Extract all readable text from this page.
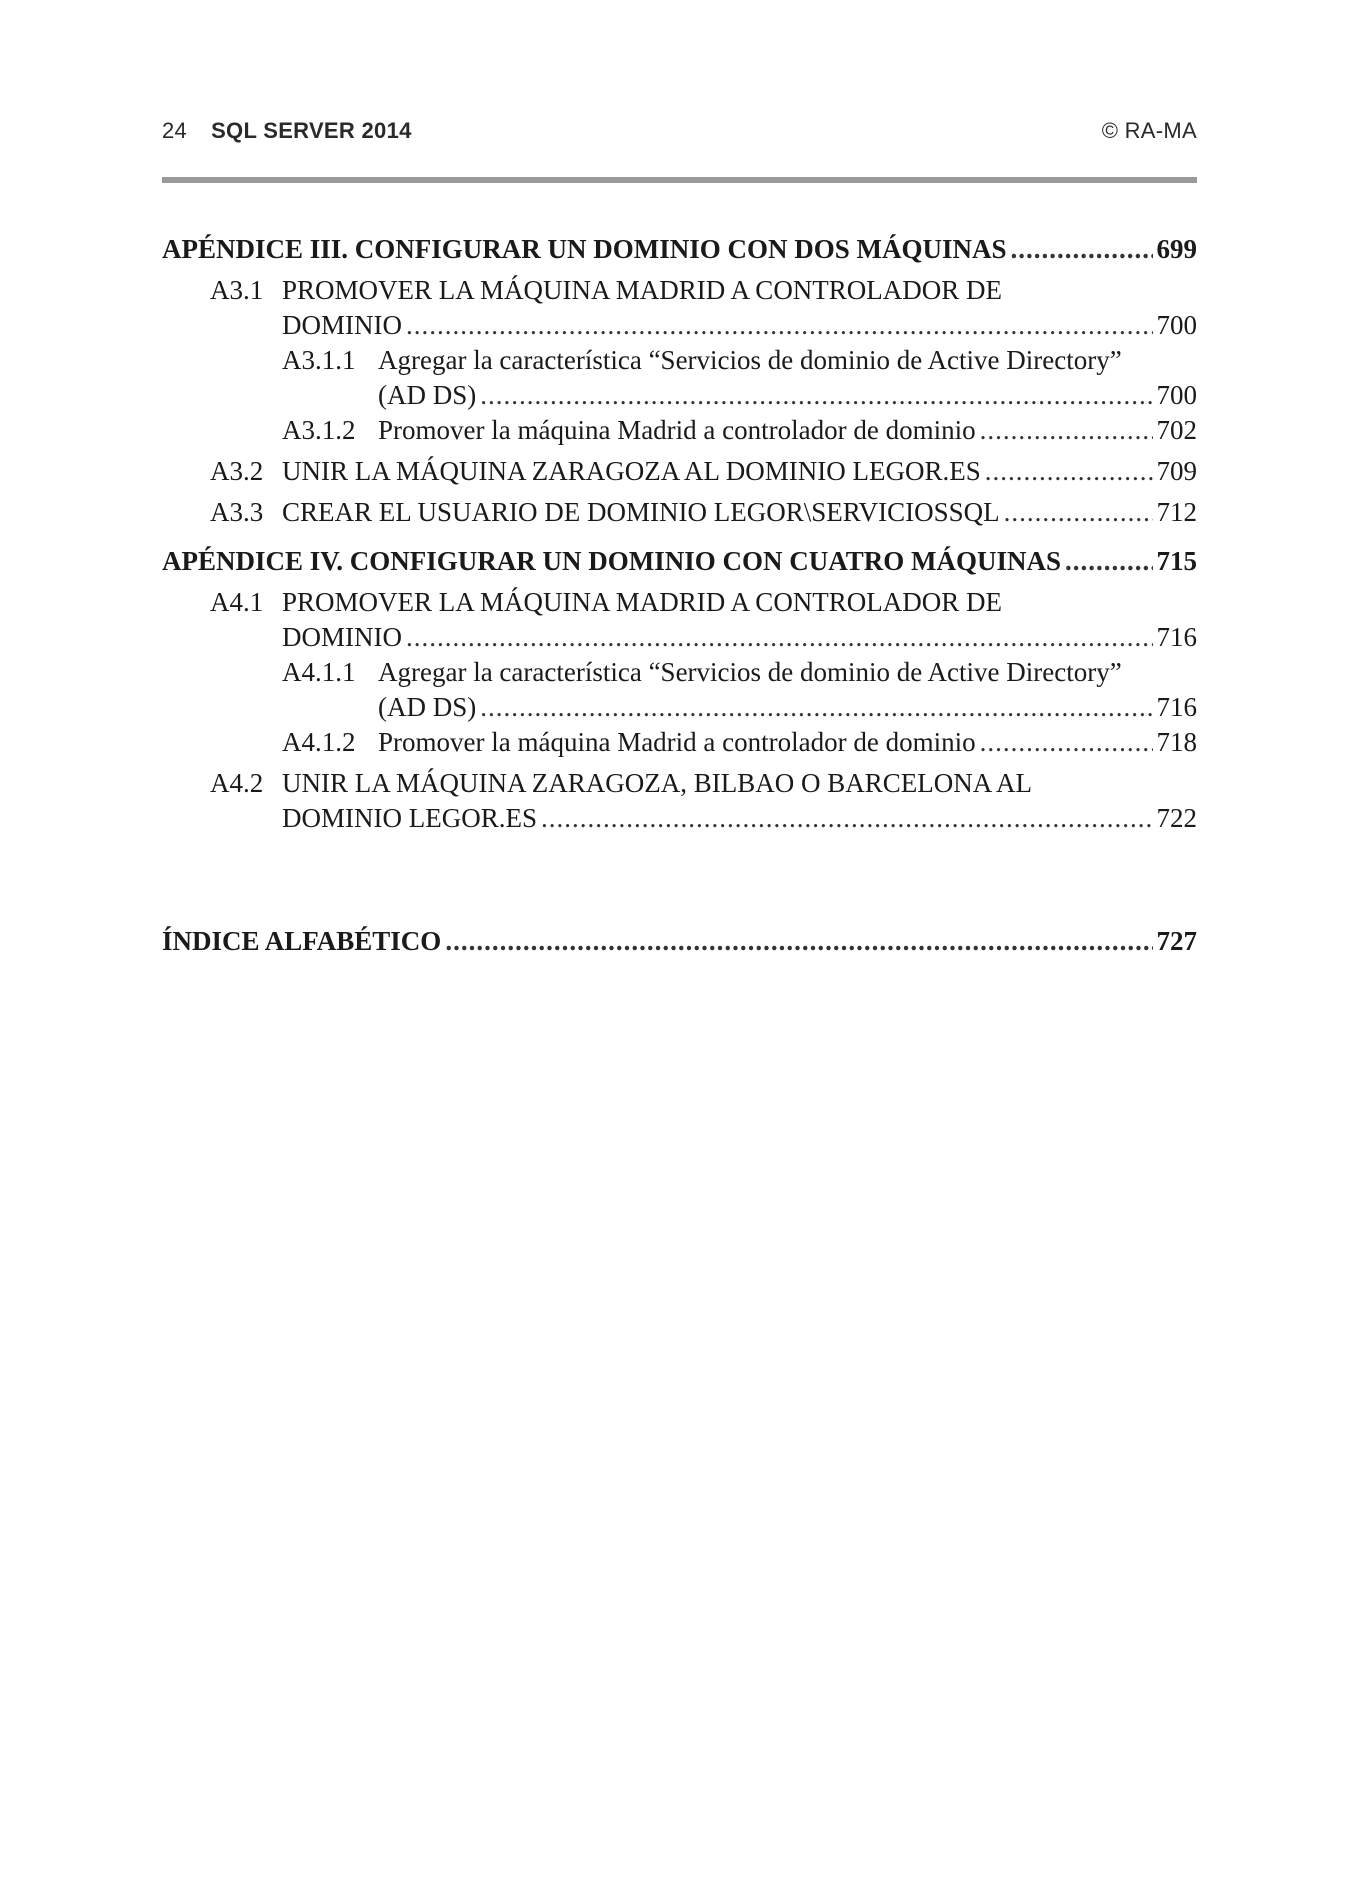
24 SQL SERVER 2014	© RA-MA
APÉNDICE III. CONFIGURAR UN DOMINIO CON DOS MÁQUINAS .....	699
A3.1 PROMOVER LA MÁQUINA MADRID A CONTROLADOR DE
DOMINIO .....	700
A3.1.1 Agregar la característica “Servicios de dominio de Active Directory”
(AD DS) .....	700
A3.1.2 Promover la máquina Madrid a controlador de dominio .....	702
A3.2 UNIR LA MÁQUINA ZARAGOZA AL DOMINIO LEGOR.ES .....	709
A3.3 CREAR EL USUARIO DE DOMINIO LEGOR\SERVICIOSSQL .....	712
APÉNDICE IV. CONFIGURAR UN DOMINIO CON CUATRO MÁQUINAS .....	715
A4.1 PROMOVER LA MÁQUINA MADRID A CONTROLADOR DE
DOMINIO .....	716
A4.1.1 Agregar la característica “Servicios de dominio de Active Directory”
(AD DS) .....	716
A4.1.2 Promover la máquina Madrid a controlador de dominio .....	718
A4.2 UNIR LA MÁQUINA ZARAGOZA, BILBAO O BARCELONA AL
DOMINIO LEGOR.ES .....	722
ÍNDICE ALFABÉTICO .....	727
